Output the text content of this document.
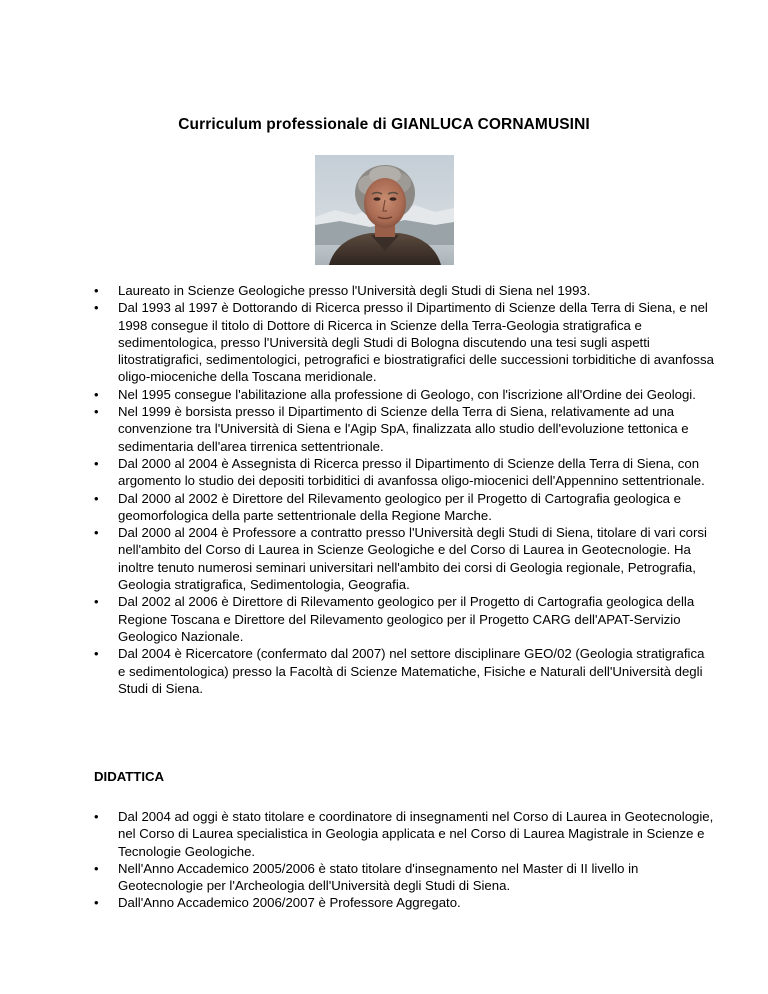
Curriculum professionale di GIANLUCA CORNAMUSINI
• Laureato in Scienze Geologiche presso l'Università degli Studi di Siena nel 1993.
• Dal 1993 al 1997 è Dottorando di Ricerca presso il Dipartimento di Scienze della Terra di Siena, e nel 1998 consegue il titolo di Dottore di Ricerca in Scienze della Terra-Geologia stratigrafica e sedimentologica, presso l'Università degli Studi di Bologna discutendo una tesi sugli aspetti litostratigrafici, sedimentologici, petrografici e biostratigrafici delle successioni torbiditiche di avanfossa oligo-mioceniche della Toscana meridionale.
• Nel 1995 consegue l'abilitazione alla professione di Geologo, con l'iscrizione all'Ordine dei Geologi.
• Nel 1999 è borsista presso il Dipartimento di Scienze della Terra di Siena, relativamente ad una convenzione tra l'Università di Siena e l'Agip SpA, finalizzata allo studio dell'evoluzione tettonica e sedimentaria dell'area tirrenica settentrionale.
• Dal 2000 al 2004 è Assegnista di Ricerca presso il Dipartimento di Scienze della Terra di Siena, con argomento lo studio dei depositi torbiditici di avanfossa oligo-miocenici dell'Appennino settentrionale.
• Dal 2000 al 2002 è Direttore del Rilevamento geologico per il Progetto di Cartografia geologica e geomorfologica della parte settentrionale della Regione Marche.
• Dal 2000 al 2004 è Professore a contratto presso l'Università degli Studi di Siena, titolare di vari corsi nell'ambito del Corso di Laurea in Scienze Geologiche e del Corso di Laurea in Geotecnologie. Ha inoltre tenuto numerosi seminari universitari nell'ambito dei corsi di Geologia regionale, Petrografia, Geologia stratigrafica, Sedimentologia, Geografia.
• Dal 2002 al 2006 è Direttore di Rilevamento geologico per il Progetto di Cartografia geologica della Regione Toscana e Direttore del Rilevamento geologico per il Progetto CARG dell'APAT-Servizio Geologico Nazionale.
• Dal 2004 è Ricercatore (confermato dal 2007) nel settore disciplinare GEO/02 (Geologia stratigrafica e sedimentologica) presso la Facoltà di Scienze Matematiche, Fisiche e Naturali dell'Università degli Studi di Siena.
DIDATTICA
• Dal 2004 ad oggi è stato titolare e coordinatore di insegnamenti nel Corso di Laurea in Geotecnologie, nel Corso di Laurea specialistica in Geologia applicata e nel Corso di Laurea Magistrale in Scienze e Tecnologie Geologiche.
• Nell'Anno Accademico 2005/2006 è stato titolare d'insegnamento nel Master di II livello in Geotecnologie per l'Archeologia dell'Università degli Studi di Siena.
• Dall'Anno Accademico 2006/2007 è Professore Aggregato.
